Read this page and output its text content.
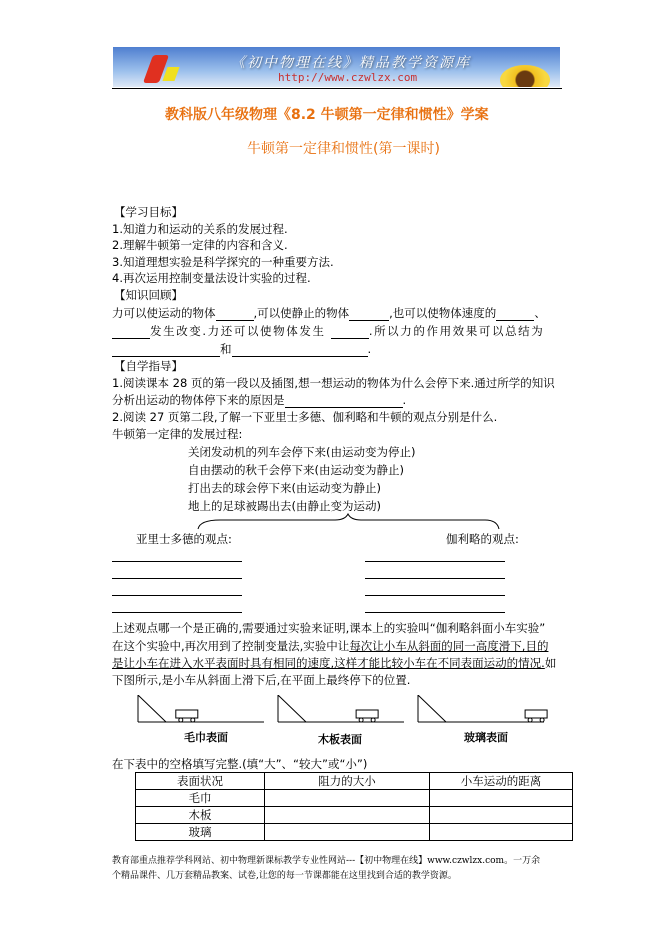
《初中物理在线》精品教学资源库
http://www.czwlzx.com
教科版八年级物理《8.2 牛顿第一定律和惯性》学案
牛顿第一定律和惯性(第一课时)
【学习目标】
1.知道力和运动的关系的发展过程.
2.理解牛顿第一定律的内容和含义.
3.知道理想实验是科学探究的一种重要方法.
4.再次运用控制变量法设计实验的过程.
【知识回顾】
力可以使运动的物体	,可以使静止的物体	,也可以使物体速度的	、
发生改变.力还可以使物体发生	.所以力的作用效果可以总结为
和	.
【自学指导】
1.阅读课本 28 页的第一段以及插图,想一想运动的物体为什么会停下来.通过所学的知识
分析出运动的物体停下来的原因是	.
2.阅读 27 页第二段,了解一下亚里士多德、伽利略和牛顿的观点分别是什么.
牛顿第一定律的发展过程:
关闭发动机的列车会停下来(由运动变为停止)
自由摆动的秋千会停下来(由运动变为静止)
打出去的球会停下来(由运动变为静止)
地上的足球被踢出去(由静止变为运动)
亚里士多德的观点:	伽利略的观点:
上述观点哪一个是正确的,需要通过实验来证明,课本上的实验叫“伽利略斜面小车实验”
在这个实验中,再次用到了控制变量法,实验中让每次让小车从斜面的同一高度滑下,目的
是让小车在进入水平表面时具有相同的速度,这样才能比较小车在不同表面运动的情况.如
下图所示,是小车从斜面上滑下后,在平面上最终停下的位置.
毛巾表面	木板表面	玻璃表面
在下表中的空格填写完整.(填“大”、“较大”或“小”)
表面状况	阻力的大小	小车运动的距离
毛巾		
木板		
玻璃		
教育部重点推荐学科网站、初中物理新课标教学专业性网站---【初中物理在线】www.czwlzx.com。一万余
个精品课件、几万套精品教案、试卷,让您的每一节课都能在这里找到合适的教学资源。
